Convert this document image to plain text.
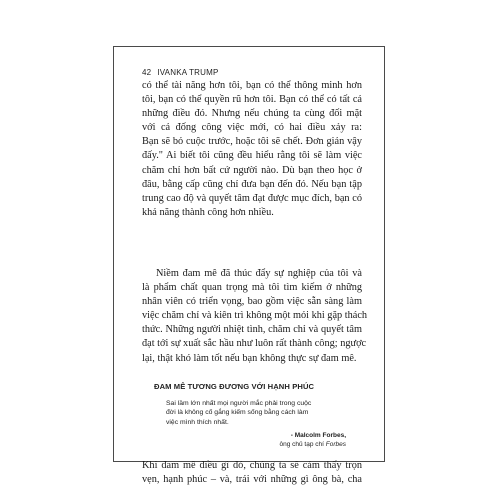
42 IVANKA TRUMP
có thể tài năng hơn tôi, bạn có thể thông minh hơn
tôi, bạn có thể quyền rũ hơn tôi. Bạn có thể có tất cả
những điều đó. Nhưng nếu chúng ta cùng đối mặt
với cả đống công việc mới, có hai điều xảy ra:
Bạn sẽ bỏ cuộc trước, hoặc tôi sẽ chết. Đơn giản vậy
đấy." Ai biết tôi cũng đều hiểu rằng tôi sẽ làm việc
chăm chỉ hơn bất cứ người nào. Dù bạn theo học ở
đâu, bằng cấp cũng chỉ đưa bạn đến đó. Nếu bạn tập
trung cao độ và quyết tâm đạt được mục đích, bạn có
khả năng thành công hơn nhiều.
Niềm đam mê đã thúc đẩy sự nghiệp của tôi và
là phẩm chất quan trọng mà tôi tìm kiếm ở những
nhân viên có triển vọng, bao gồm việc sẵn sàng làm
việc chăm chỉ và kiên trì không một mỏi khi gặp thách
thức. Những người nhiệt tình, chăm chỉ và quyết tâm
đạt tới sự xuất sắc hầu như luôn rất thành công; ngược
lại, thật khó làm tốt nếu bạn không thực sự đam mê.
ĐAM MÊ TƯƠNG ĐƯƠNG VỚI HẠNH PHÚC
Sai lầm lớn nhất mọi người mắc phải trong cuộc
đời là không cố gắng kiếm sống bằng cách làm
việc mình thích nhất.
- Malcolm Forbes,
ông chủ tạp chí Forbes
Khi đam mê điều gì đó, chúng ta sẽ cảm thấy trọn
vẹn, hạnh phúc – và, trái với những gì ông bà, cha
